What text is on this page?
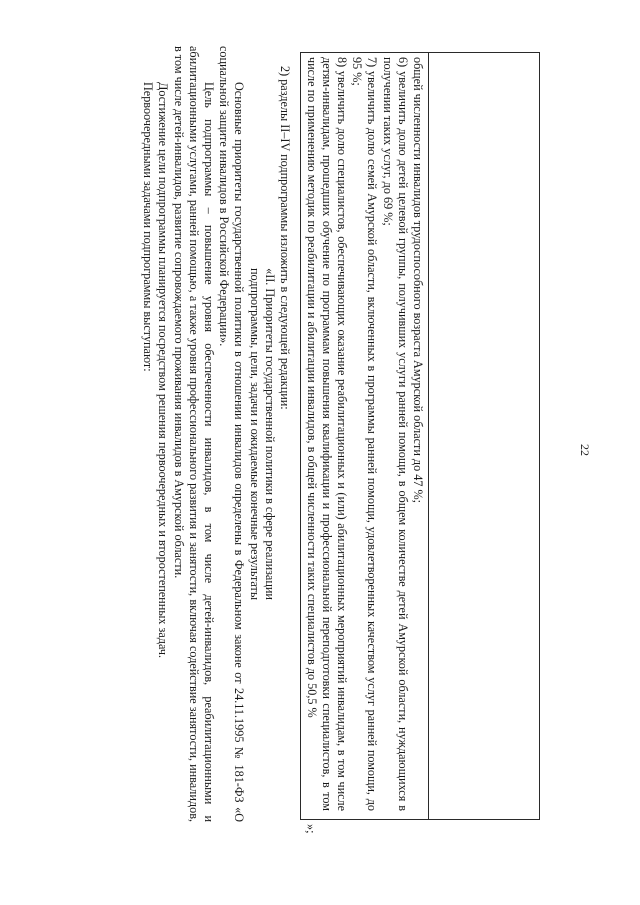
22

общей численности инвалидов трудоспособного возраста Амурской области до 47 %;

6) увеличить долю детей целевой группы, получивших услуги ранней помощи, в общем количестве детей Амурской области, нуждающихся в получении таких услуг, до 69 %;

7) увеличить долю семей Амурской области, включенных в программы ранней помощи, удовлетворенных качеством услуг ранней помощи, до 95 %;

8) увеличить долю специалистов, обеспечивающих оказание реабилитационных и (или) абилитационных мероприятий инвалидам, в том числе детям-инвалидам, прошедших обучение по программам повышения квалификации и профессиональной переподготовки специалистов, в том числе по применению методик по реабилитации и абилитации инвалидов, в общей численности таких специалистов до 50,5 %

»;

2) разделы II–IV подпрограммы изложить в следующей редакции:

«II. Приоритеты государственной политики в сфере реализации

подпрограммы, цели, задачи и ожидаемые конечные результаты

Основные приоритеты государственной политики в отношении инвалидов определены в Федеральном законе от 24.11.1995 № 181-ФЗ «О социальной защите инвалидов в Российской Федерации».

Цель подпрограммы – повышение уровня обеспеченности инвалидов, в том числе детей-инвалидов, реабилитационными и абилитационными услугами, ранней помощью, а также уровня профессионального развития и занятости, включая содействие занятости, инвалидов, в том числе детей-инвалидов, развитие сопровождаемого проживания инвалидов в Амурской области.

Достижение цели подпрограммы планируется посредством решения первоочередных и второстепенных задач.

Первоочередными задачами подпрограммы выступают:
